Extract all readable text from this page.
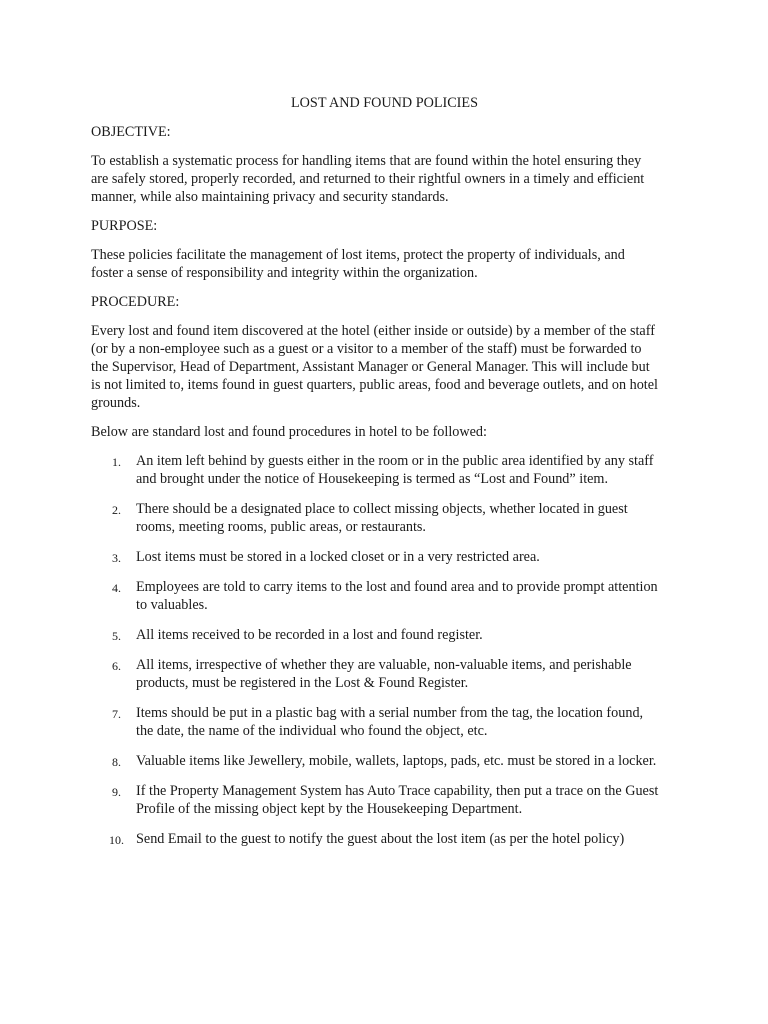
LOST AND FOUND POLICIES
OBJECTIVE:
To establish a systematic process for handling items that are found within the hotel ensuring they are safely stored, properly recorded, and returned to their rightful owners in a timely and efficient manner, while also maintaining privacy and security standards.
PURPOSE:
These policies facilitate the management of lost items, protect the property of individuals, and foster a sense of responsibility and integrity within the organization.
PROCEDURE:
Every lost and found item discovered at the hotel (either inside or outside) by a member of the staff (or by a non-employee such as a guest or a visitor to a member of the staff) must be forwarded to the Supervisor, Head of Department, Assistant Manager or General Manager. This will include but is not limited to, items found in guest quarters, public areas, food and beverage outlets, and on hotel grounds.
Below are standard lost and found procedures in hotel to be followed:
1. An item left behind by guests either in the room or in the public area identified by any staff and brought under the notice of Housekeeping is termed as “Lost and Found” item.
2. There should be a designated place to collect missing objects, whether located in guest rooms, meeting rooms, public areas, or restaurants.
3. Lost items must be stored in a locked closet or in a very restricted area.
4. Employees are told to carry items to the lost and found area and to provide prompt attention to valuables.
5. All items received to be recorded in a lost and found register.
6. All items, irrespective of whether they are valuable, non-valuable items, and perishable products, must be registered in the Lost & Found Register.
7. Items should be put in a plastic bag with a serial number from the tag, the location found, the date, the name of the individual who found the object, etc.
8. Valuable items like Jewellery, mobile, wallets, laptops, pads, etc. must be stored in a locker.
9. If the Property Management System has Auto Trace capability, then put a trace on the Guest Profile of the missing object kept by the Housekeeping Department.
10. Send Email to the guest to notify the guest about the lost item (as per the hotel policy)
